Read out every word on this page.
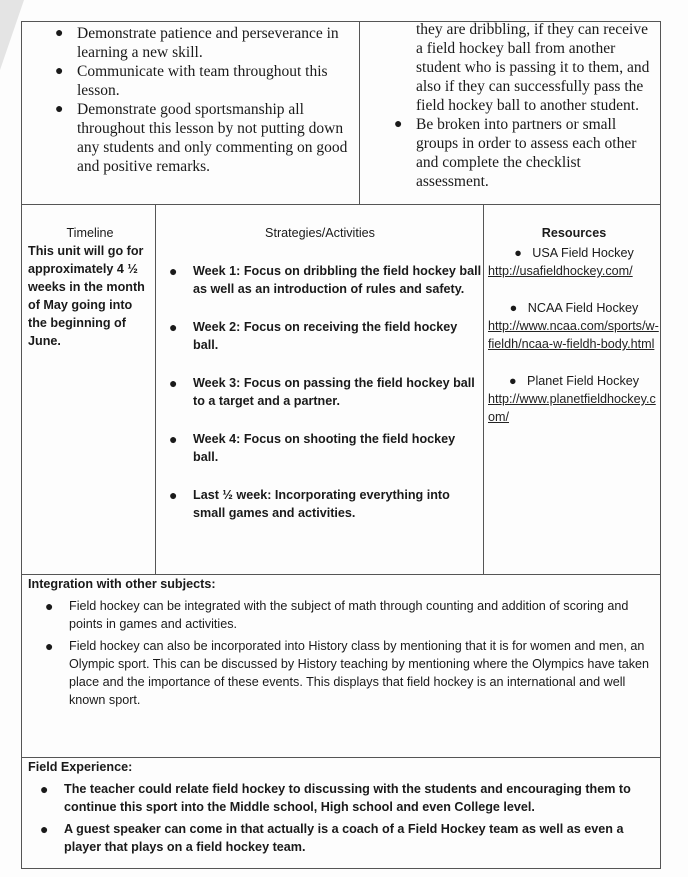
● Demonstrate patience and perseverance in learning a new skill.
● Communicate with team throughout this lesson.
● Demonstrate good sportsmanship all throughout this lesson by not putting down any students and only commenting on good and positive remarks.
they are dribbling, if they can receive a field hockey ball from another student who is passing it to them, and also if they can successfully pass the field hockey ball to another student.
● Be broken into partners or small groups in order to assess each other and complete the checklist assessment.
Timeline
This unit will go for approximately 4 ½ weeks in the month of May going into the beginning of June.
Strategies/Activities
● Week 1: Focus on dribbling the field hockey ball as well as an introduction of rules and safety.
● Week 2: Focus on receiving the field hockey ball.
● Week 3: Focus on passing the field hockey ball to a target and a partner.
● Week 4: Focus on shooting the field hockey ball.
● Last ½ week: Incorporating everything into small games and activities.
Resources
●   USA Field Hockey
http://usafieldhockey.com/
●   NCAA Field Hockey
http://www.ncaa.com/sports/w-fieldh/ncaa-w-fieldh-body.html
●   Planet Field Hockey
http://www.planetfieldhockey.com/
Integration with other subjects:
● Field hockey can be integrated with the subject of math through counting and addition of scoring and points in games and activities.
● Field hockey can also be incorporated into History class by mentioning that it is for women and men, an Olympic sport. This can be discussed by History teaching by mentioning where the Olympics have taken place and the importance of these events. This displays that field hockey is an international and well known sport.
Field Experience:
● The teacher could relate field hockey to discussing with the students and encouraging them to continue this sport into the Middle school, High school and even College level.
● A guest speaker can come in that actually is a coach of a Field Hockey team as well as even a player that plays on a field hockey team.
